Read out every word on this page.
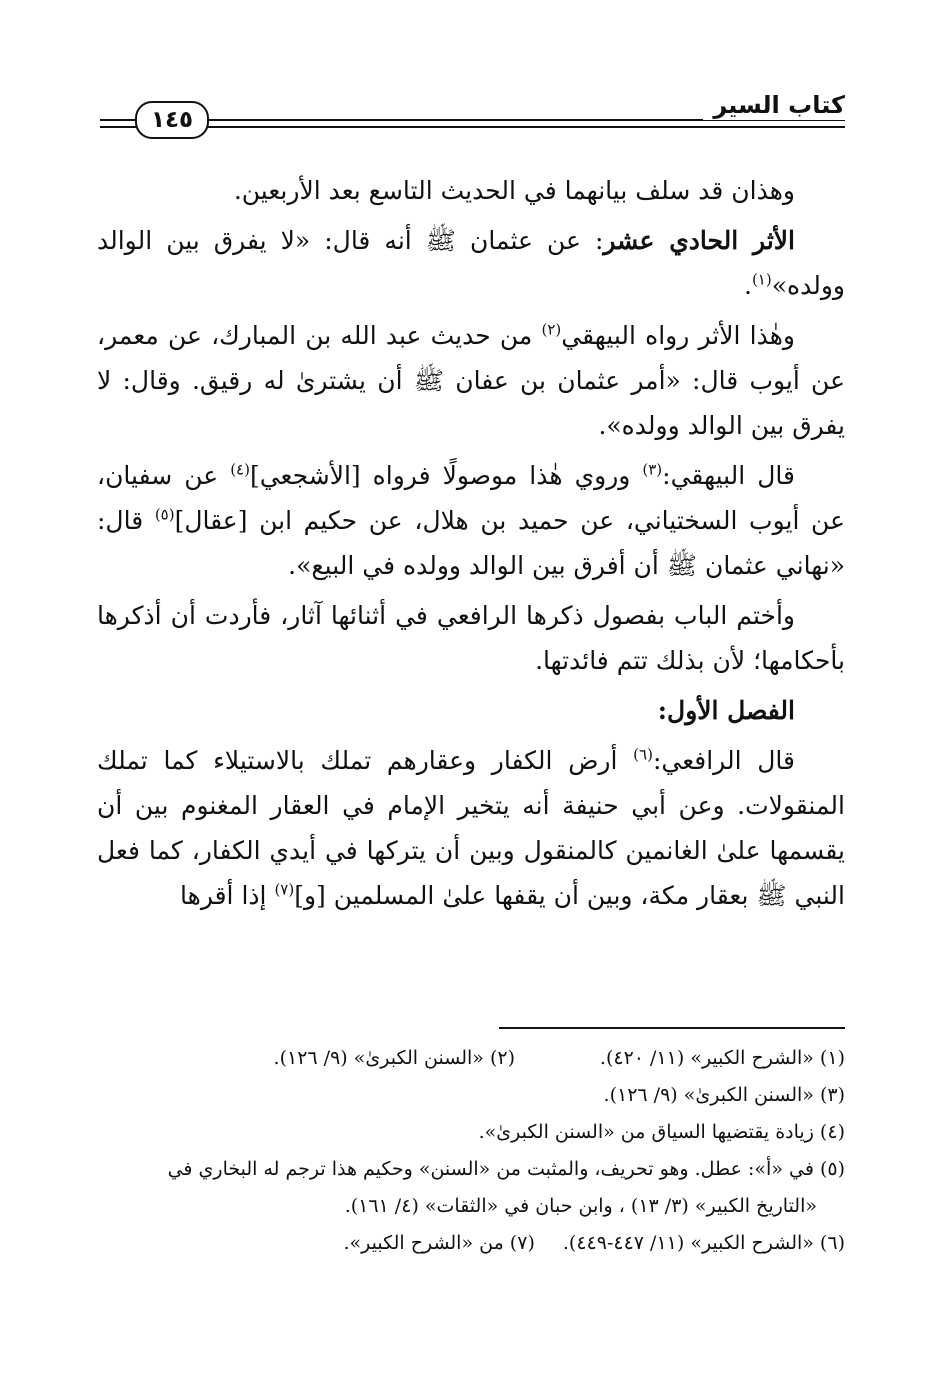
كتاب السير
١٤٥

وهذان قد سلف بيانهما في الحديث التاسع بعد الأربعين.

الأثر الحادي عشر: عن عثمان ﷺ أنه قال: «لا يفرق بين الوالد وولده»$^{(١)}$.

وهٰذا الأثر رواه البيهقي$^{(٢)}$ من حديث عبد الله بن المبارك، عن معمر، عن أيوب قال: «أمر عثمان بن عفان ﷺ أن يشترىٰ له رقيق. وقال: لا يفرق بين الوالد وولده».

قال البيهقي:$^{(٣)}$ وروي هٰذا موصولًا فرواه [الأشجعي]$^{(٤)}$ عن سفيان، عن أيوب السختياني، عن حميد بن هلال، عن حكيم ابن [عقال]$^{(٥)}$ قال: «نهاني عثمان ﷺ أن أفرق بين الوالد وولده في البيع».

وأختم الباب بفصول ذكرها الرافعي في أثنائها آثار، فأردت أن أذكرها بأحكامها؛ لأن بذلك تتم فائدتها.

الفصل الأول:

قال الرافعي:$^{(٦)}$ أرض الكفار وعقارهم تملك بالاستيلاء كما تملك المنقولات. وعن أبي حنيفة أنه يتخير الإمام في العقار المغنوم بين أن يقسمها علىٰ الغانمين كالمنقول وبين أن يتركها في أيدي الكفار، كما فعل النبي ﷺ بعقار مكة، وبين أن يقفها علىٰ المسلمين [و]$^{(٧)}$ إذا أقرها

(١) «الشرح الكبير» (١١/ ٤٢٠).
(٢) «السنن الكبرىٰ» (٩/ ١٢٦).
(٣) «السنن الكبرىٰ» (٩/ ١٢٦).
(٤) زيادة يقتضيها السياق من «السنن الكبرىٰ».
(٥) في «أ»: عطل. وهو تحريف، والمثبت من «السنن» وحكيم هذا ترجم له البخاري في
«التاريخ الكبير» (٣/ ١٣) ، وابن حبان في «الثقات» (٤/ ١٦١).
(٦) «الشرح الكبير» (١١/ ٤٤٧-٤٤٩).
(٧) من «الشرح الكبير».
